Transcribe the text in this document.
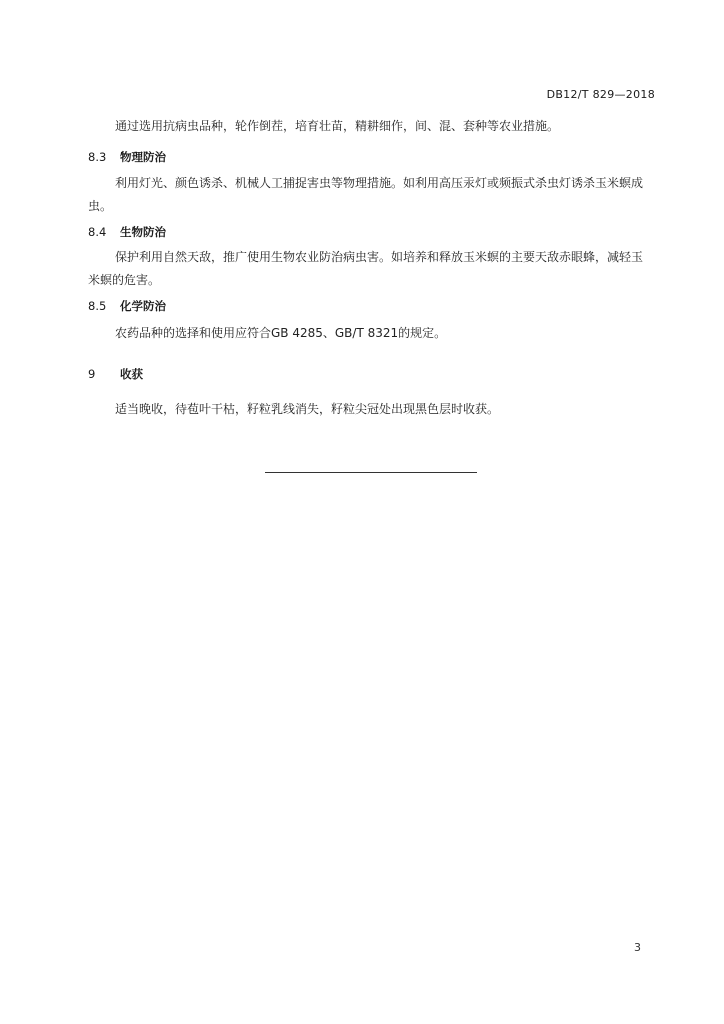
DB12/T 829—2018

通过选用抗病虫品种，轮作倒茬，培育壮苗，精耕细作，间、混、套种等农业措施。

8.3 物理防治

利用灯光、颜色诱杀、机械人工捕捉害虫等物理措施。如利用高压汞灯或频振式杀虫灯诱杀玉米螟成虫。

8.4 生物防治

保护利用自然天敌，推广使用生物农业防治病虫害。如培养和释放玉米螟的主要天敌赤眼蜂，减轻玉米螟的危害。

8.5 化学防治

农药品种的选择和使用应符合GB 4285、GB/T 8321的规定。

9 收获

适当晚收，待苞叶干枯，籽粒乳线消失，籽粒尖冠处出现黑色层时收获。

3
